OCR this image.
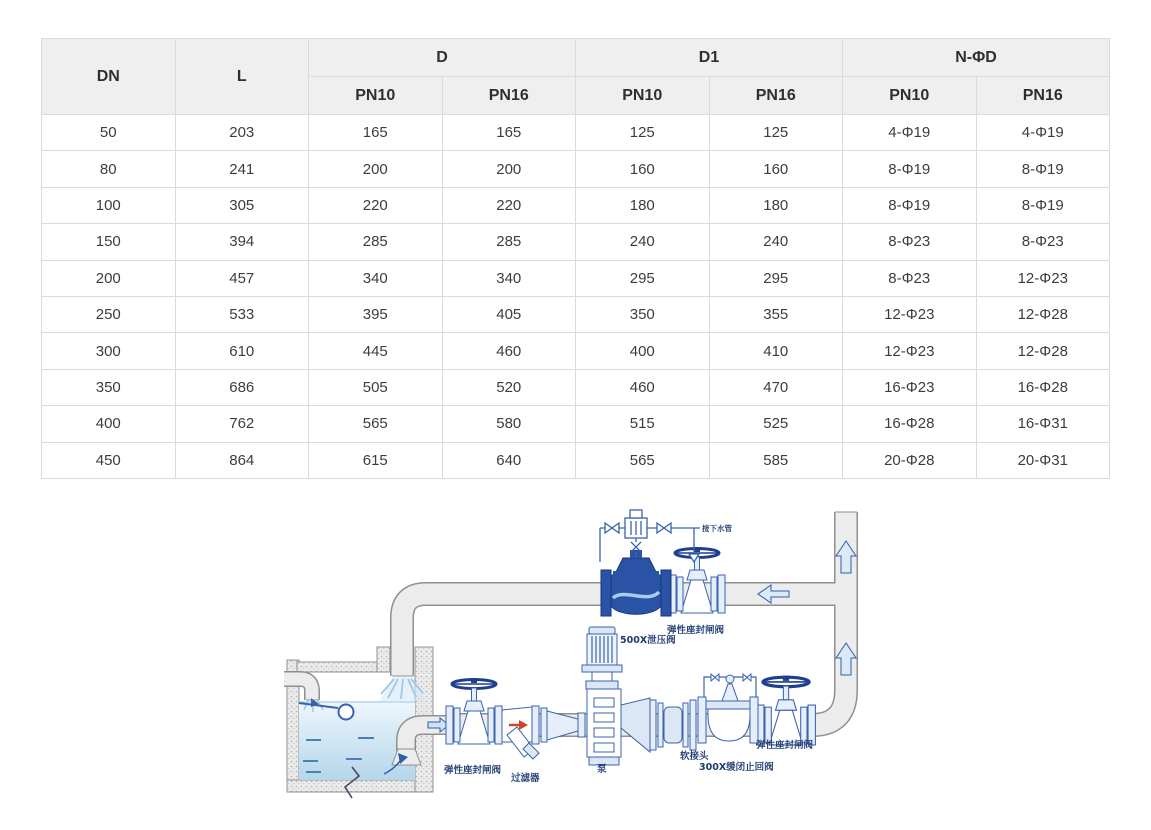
DN	L	D		D1		N-ΦD	
		PN10	PN16	PN10	PN16	PN10	PN16
50	203	165	165	125	125	4-Φ19	4-Φ19
80	241	200	200	160	160	8-Φ19	8-Φ19
100	305	220	220	180	180	8-Φ19	8-Φ19
150	394	285	285	240	240	8-Φ23	8-Φ23
200	457	340	340	295	295	8-Φ23	12-Φ23
250	533	395	405	350	355	12-Φ23	12-Φ28
300	610	445	460	400	410	12-Φ23	12-Φ28
350	686	505	520	460	470	16-Φ23	16-Φ28
400	762	565	580	515	525	16-Φ28	16-Φ31
450	864	615	640	565	585	20-Φ28	20-Φ31
接下水管
弹性座封闸阀
500X泄压阀
弹性座封闸阀
过滤器
泵
软接头
300X缓闭止回阀
弹性座封闸阀
